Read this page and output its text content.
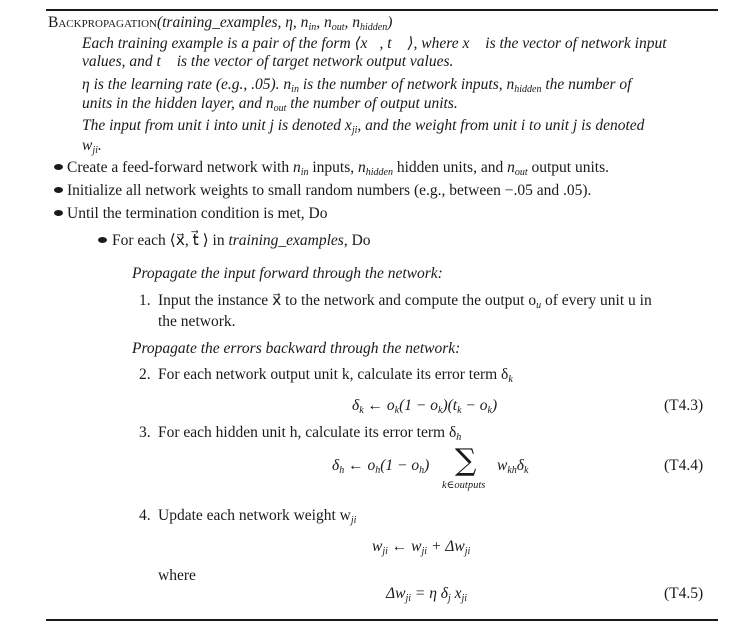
Backpropagation(training_examples, η, $n_{in}$, $n_{out}$, $n_{hidden}$)
Each training example is a pair of the form ⟨x⃗, t⃗ ⟩, where x⃗ is the vector of network input
values, and t⃗ is the vector of target network output values.
η is the learning rate (e.g., .05). $n_{in}$ is the number of network inputs, $n_{hidden}$ the number of
units in the hidden layer, and $n_{out}$ the number of output units.
The input from unit i into unit j is denoted $x_{ji}$, and the weight from unit i to unit j is denoted
$w_{ji}$.
Create a feed-forward network with $n_{in}$ inputs, $n_{hidden}$ hidden units, and $n_{out}$ output units.
Initialize all network weights to small random numbers (e.g., between −.05 and .05).
Until the termination condition is met, Do
For each ⟨x⃗, t⃗ ⟩ in training_examples, Do
Propagate the input forward through the network:
1. Input the instance x⃗ to the network and compute the output $o_u$ of every unit u in
the network.
Propagate the errors backward through the network:
2. For each network output unit k, calculate its error term $\delta_k$
$\delta_k$ ← $o_k(1 - o_k)(t_k - o_k)$	(T4.3)
3. For each hidden unit h, calculate its error term $\delta_h$
$\delta_h$ ← $o_h(1 - o_h)$ ∑
k∈outputs
$w_{kh}\delta_k$	(T4.4)
4. Update each network weight $w_{ji}$
$w_{ji}$ ← $w_{ji} + \Delta w_{ji}$
where
$\Delta w_{ji} = \eta$ $\delta_j$ $x_{ji}$	(T4.5)
